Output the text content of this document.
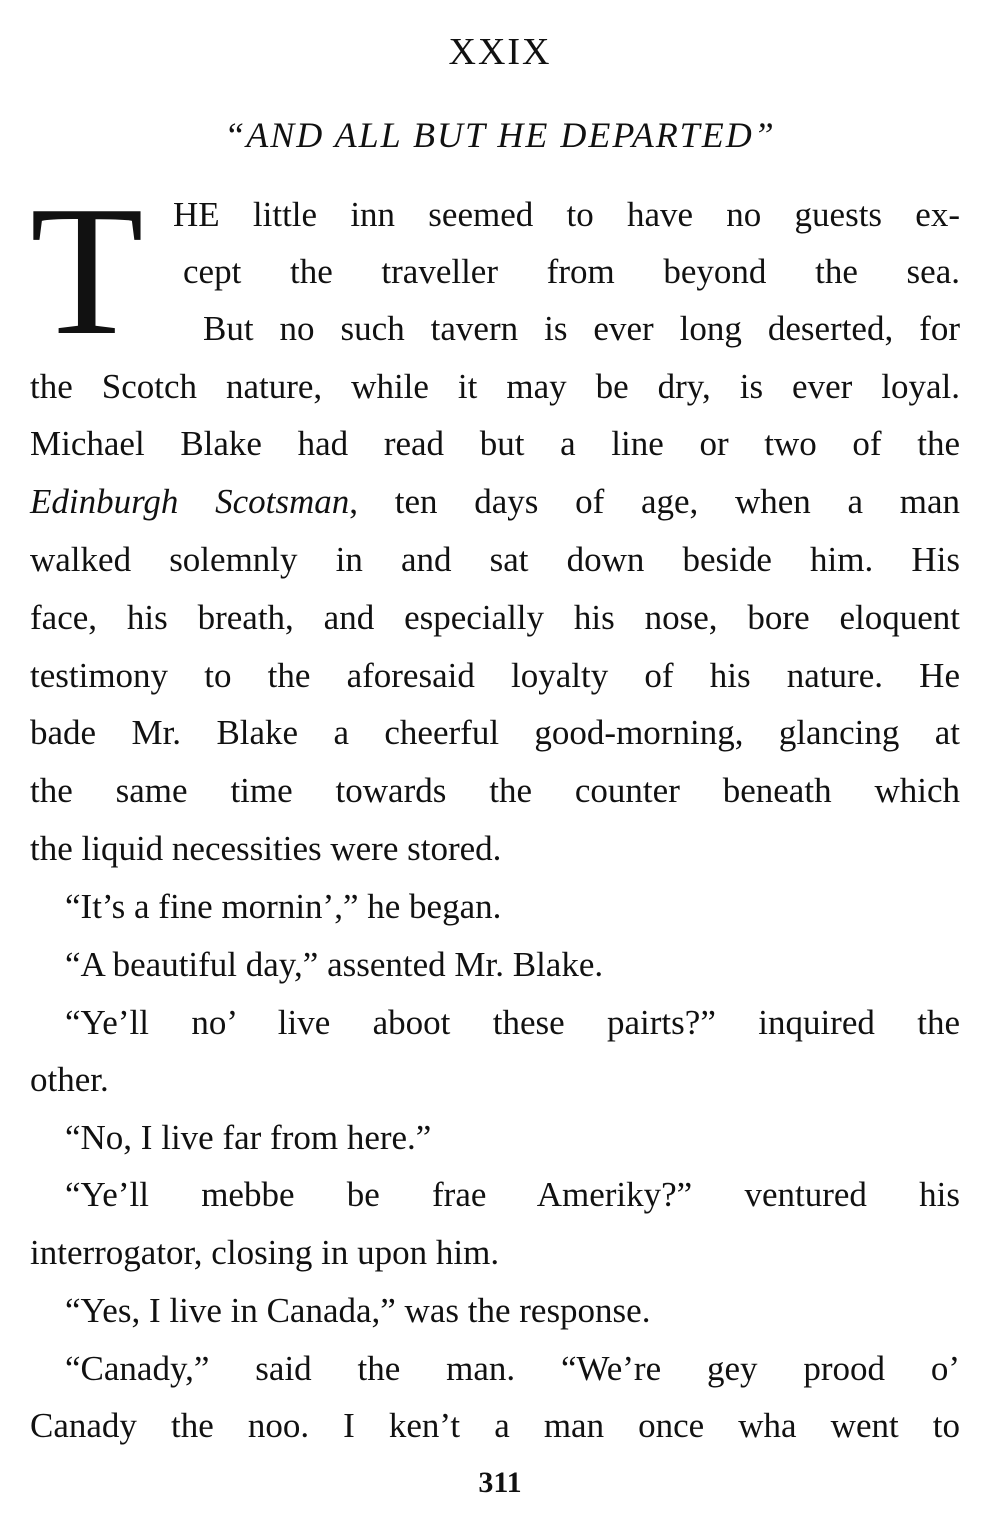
XXIX
“AND ALL BUT HE DEPARTED”
T HE little inn seemed to have no guests ex-
cept the traveller from beyond the sea.
But no such tavern is ever long deserted, for
the Scotch nature, while it may be dry, is ever loyal.
Michael Blake had read but a line or two of the
Edinburgh Scotsman, ten days of age, when a man
walked solemnly in and sat down beside him. His
face, his breath, and especially his nose, bore eloquent
testimony to the aforesaid loyalty of his nature. He
bade Mr. Blake a cheerful good-morning, glancing at
the same time towards the counter beneath which
the liquid necessities were stored.
“It’s a fine mornin’,” he began.
“A beautiful day,” assented Mr. Blake.
“Ye’ll no’ live aboot these pairts?” inquired the
other.
“No, I live far from here.”
“Ye’ll mebbe be frae Ameriky?” ventured his
interrogator, closing in upon him.
“Yes, I live in Canada,” was the response.
“Canady,” said the man. “We’re gey prood o’
Canady the noo. I ken’t a man once wha went to
311
